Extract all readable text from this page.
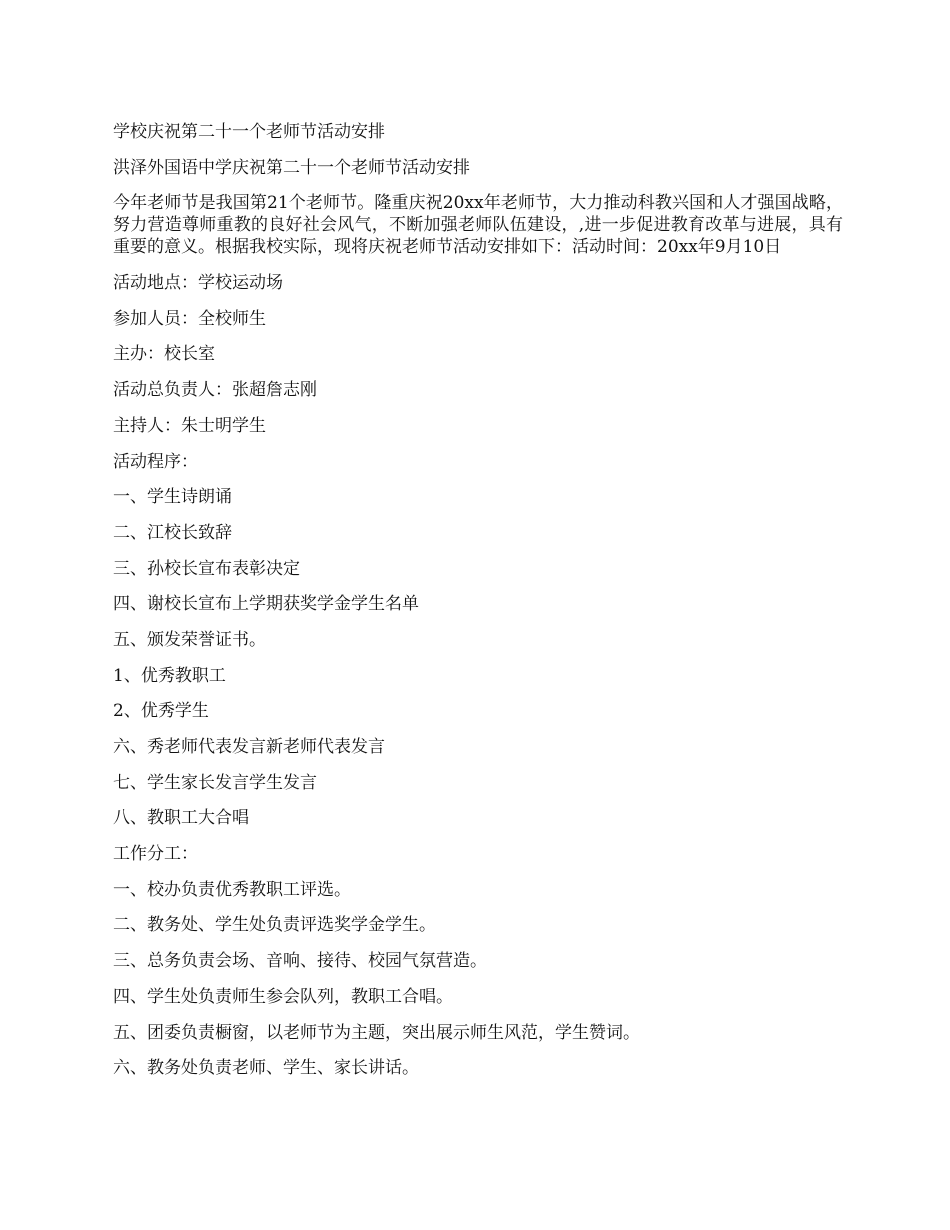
学校庆祝第二十一个老师节活动安排
洪泽外国语中学庆祝第二十一个老师节活动安排
今年老师节是我国第21个老师节。隆重庆祝20xx年老师节，大力推动科教兴国和人才强国战略，努力营造尊师重教的良好社会风气，不断加强老师队伍建设，,进一步促进教育改革与进展，具有重要的意义。根据我校实际，现将庆祝老师节活动安排如下：活动时间：20xx年9月10日
活动地点：学校运动场
参加人员：全校师生
主办：校长室
活动总负责人：张超詹志刚
主持人：朱士明学生
活动程序：
一、学生诗朗诵
二、江校长致辞
三、孙校长宣布表彰决定
四、谢校长宣布上学期获奖学金学生名单
五、颁发荣誉证书。
1、优秀教职工
2、优秀学生
六、秀老师代表发言新老师代表发言
七、学生家长发言学生发言
八、教职工大合唱
工作分工：
一、校办负责优秀教职工评选。
二、教务处、学生处负责评选奖学金学生。
三、总务负责会场、音响、接待、校园气氛营造。
四、学生处负责师生参会队列，教职工合唱。
五、团委负责橱窗，以老师节为主题，突出展示师生风范，学生赞词。
六、教务处负责老师、学生、家长讲话。
